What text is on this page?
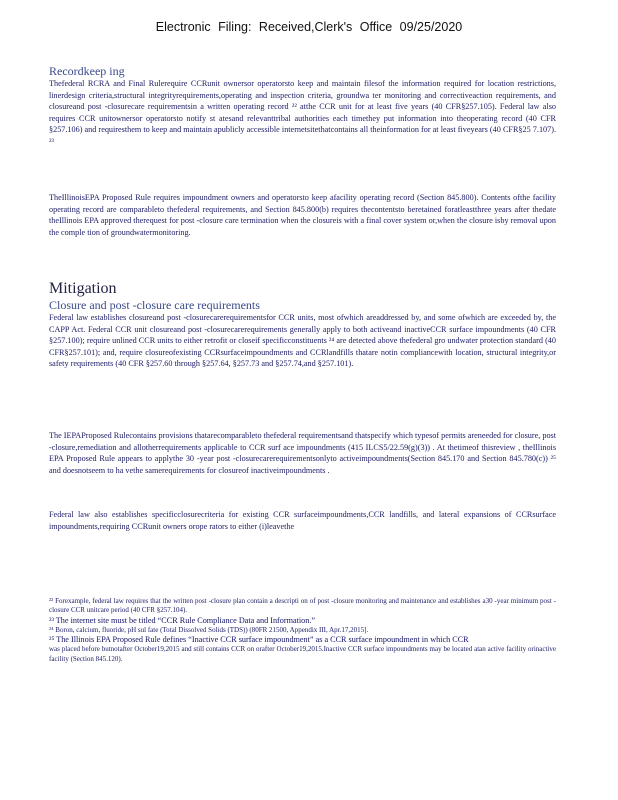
Electronic Filing: Received,Clerk's Office 09/25/2020

Recordkeep ing

Thefederal RCRA and Final Rulerequire CCRunit ownersor operatorsto keep and maintain filesof the information required for location restrictions, linerdesign criteria,structural integrityrequirements,operating and inspection criteria, groundwa ter monitoring and correctiveaction requirements, and closureand post -closurecare requirementsin a written operating record ²² atthe CCR unit for at least five years (40 CFR§257.105). Federal law also requires CCR unitownersor operatorsto notify st atesand relevanttribal authorities each timethey put information into theoperating record (40 CFR §257.106) and requiresthem to keep and maintain apublicly accessible internetsitethatcontains all theinformation for at least fiveyears (40 CFR§25 7.107). ²³

TheIllinoisEPA Proposed Rule requires impoundment owners and operatorsto keep afacility operating record (Section 845.800). Contents ofthe facility operating record are comparableto thefederal requirements, and Section 845.800(b) requires thecontentsto beretained foratleastthree years after thedate theIllinois EPA approved therequest for post -closure care termination when the closureis with a final cover system or,when the closure isby removal upon the comple tion of groundwatermonitoring.

Mitigation

Closure and post -closure care requirements

Federal law establishes closureand post -closurecarerequirementsfor CCR units, most ofwhich areaddressed by, and some ofwhich are exceeded by, the CAPP Act. Federal CCR unit closureand post -closurecarerequirements generally apply to both activeand inactiveCCR surface impoundments (40 CFR §257.100); require unlined CCR units to either retrofit or closeif specificconstituents ²⁴ are detected above thefederal gro undwater protection standard (40 CFR§257.101); and, require closureofexisting CCRsurfaceimpoundments and CCRlandfills thatare notin compliancewith location, structural integrity,or safety requirements (40 CFR §257.60 through §257.64, §257.73 and §257.74,and §257.101).

The IEPAProposed Rulecontains provisions thatarecomparableto thefederal requirementsand thatspecify which typesof permits areneeded for closure, post -closure,remediation and allotherrequirements applicable to CCR surf ace impoundments (415 ILCS5/22.59(g)(3)) . At thetimeof thisreview , theIllinois EPA Proposed Rule appears to applythe 30 -year post -closurecarerequirementsonlyto activeimpoundments(Section 845.170 and Section 845.780(c)) ²⁵ and doesnotseem to ha vethe samerequirements for closureof inactiveimpoundments .

Federal law also establishes specificclosurecriteria for existing CCR surfaceimpoundments,CCR landfills, and lateral expansions of CCRsurface impoundments,requiring CCRunit owners orope rators to either (i)leavethe

²² Forexample, federal law requires that the written post -closure plan contain a descripti on of post -closure monitoring and maintenance and establishes a30 -year minimum post -closure CCR unitcare period (40 CFR §257.104).

²³ The internet site must be titled “CCR Rule Compliance Data and Information.”

²⁴ Boron, calcium, fluoride, pH sul fate (Total Dissolved Solids (TDS)) (80FR 21500, Appendix III, Apr.17,2015].

²⁵ The Illinois EPA Proposed Rule defines “Inactive CCR surface impoundment” as a CCR surface impoundment in which CCR

was placed before butnotafter October19,2015 and still contains CCR on orafter October19,2015.Inactive CCR surface impoundments may be located atan active facility orinactive facility (Section 845.120).
